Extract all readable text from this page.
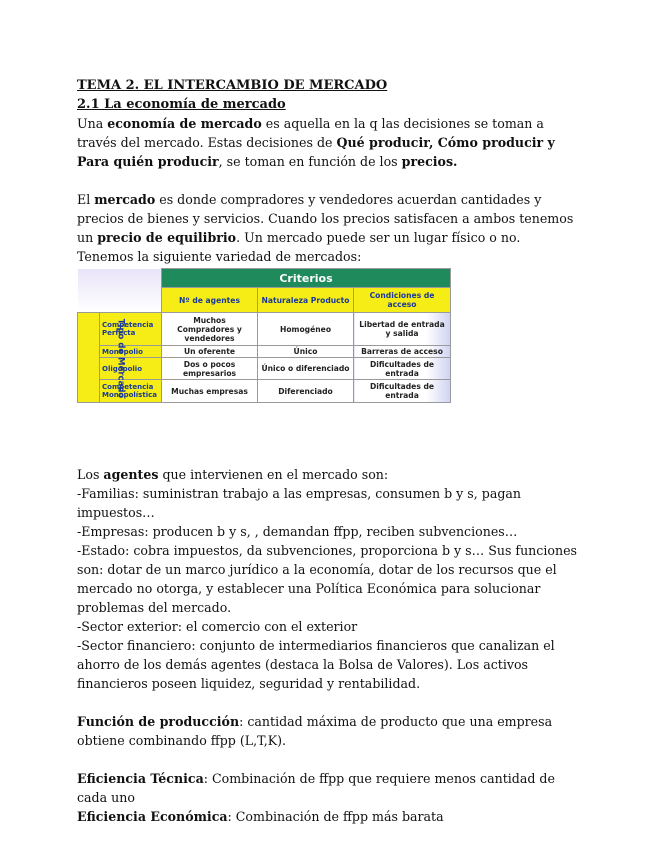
TEMA 2. EL INTERCAMBIO DE MERCADO

2.1 La economía de mercado

Una economía de mercado es aquella en la q las decisiones se toman a través del mercado. Estas decisiones de Qué producir, Cómo producir y Para quién producir, se toman en función de los precios.

El mercado es donde compradores y vendedores acuerdan cantidades y precios de bienes y servicios. Cuando los precios satisfacen a ambos tenemos un precio de equilibrio. Un mercado puede ser un lugar físico o no. Tenemos la siguiente variedad de mercados:

		Criterios		
		Nº de agentes	Naturaleza Producto	Condiciones de acceso
Tipo de Mercado	Competencia Perfecta	Muchos Compradores y vendedores	Homogéneo	Libertad de entrada y salida
	Monopolio	Un oferente	Único	Barreras de acceso
	Oligopolio	Dos o pocos empresarios	Único o diferenciado	Dificultades de entrada
	Competencia Monopolística	Muchas empresas	Diferenciado	Dificultades de entrada

Los agentes que intervienen en el mercado son:

-Familias: suministran trabajo a las empresas, consumen b y s, pagan impuestos…

-Empresas: producen b y s, , demandan ffpp, reciben subvenciones…

-Estado: cobra impuestos, da subvenciones, proporciona b y s… Sus funciones son: dotar de un marco jurídico a la economía, dotar de los recursos que el mercado no otorga, y establecer una Política Económica para solucionar problemas del mercado.

-Sector exterior: el comercio con el exterior

-Sector financiero: conjunto de intermediarios financieros que canalizan el ahorro de los demás agentes (destaca la Bolsa de Valores). Los activos financieros poseen liquidez, seguridad y rentabilidad.

Función de producción: cantidad máxima de producto que una empresa obtiene combinando ffpp (L,T,K).

Eficiencia Técnica: Combinación de ffpp que requiere menos cantidad de cada uno

Eficiencia Económica: Combinación de ffpp más barata
